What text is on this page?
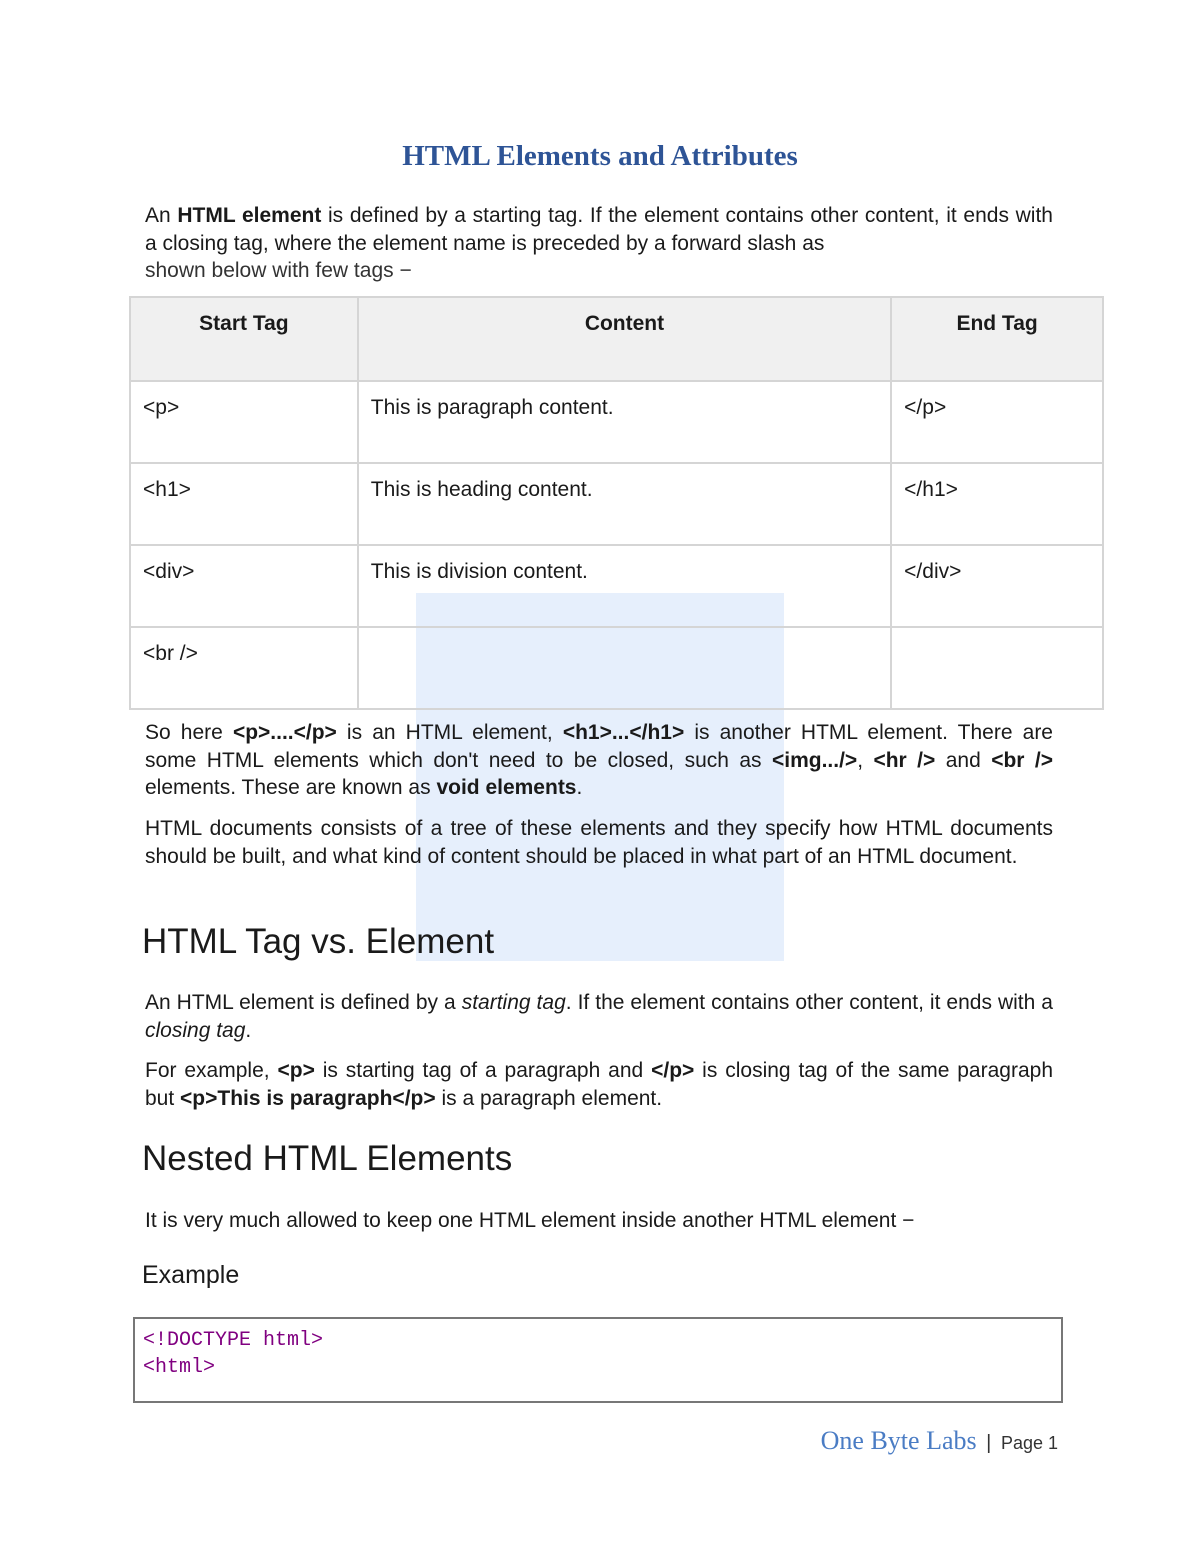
HTML Elements and Attributes

An HTML element is defined by a starting tag. If the element contains other content, it ends with a closing tag, where the element name is preceded by a forward slash as
shown below with few tags −

Start Tag	Content	End Tag
<p>	This is paragraph content.	</p>
<h1>	This is heading content.	</h1>
<div>	This is division content.	</div>
<br />		

So here <p>....</p> is an HTML element, <h1>...</h1> is another HTML element. There are some HTML elements which don't need to be closed, such as <img.../>, <hr /> and <br /> elements. These are known as void elements.

HTML documents consists of a tree of these elements and they specify how HTML documents should be built, and what kind of content should be placed in what part of an HTML document.

HTML Tag vs. Element

An HTML element is defined by a starting tag. If the element contains other content, it ends with a closing tag.

For example, <p> is starting tag of a paragraph and </p> is closing tag of the same paragraph but <p>This is paragraph</p> is a paragraph element.

Nested HTML Elements

It is very much allowed to keep one HTML element inside another HTML element −

Example
<!DOCTYPE html>
<html>
One Byte Labs | Page 1
